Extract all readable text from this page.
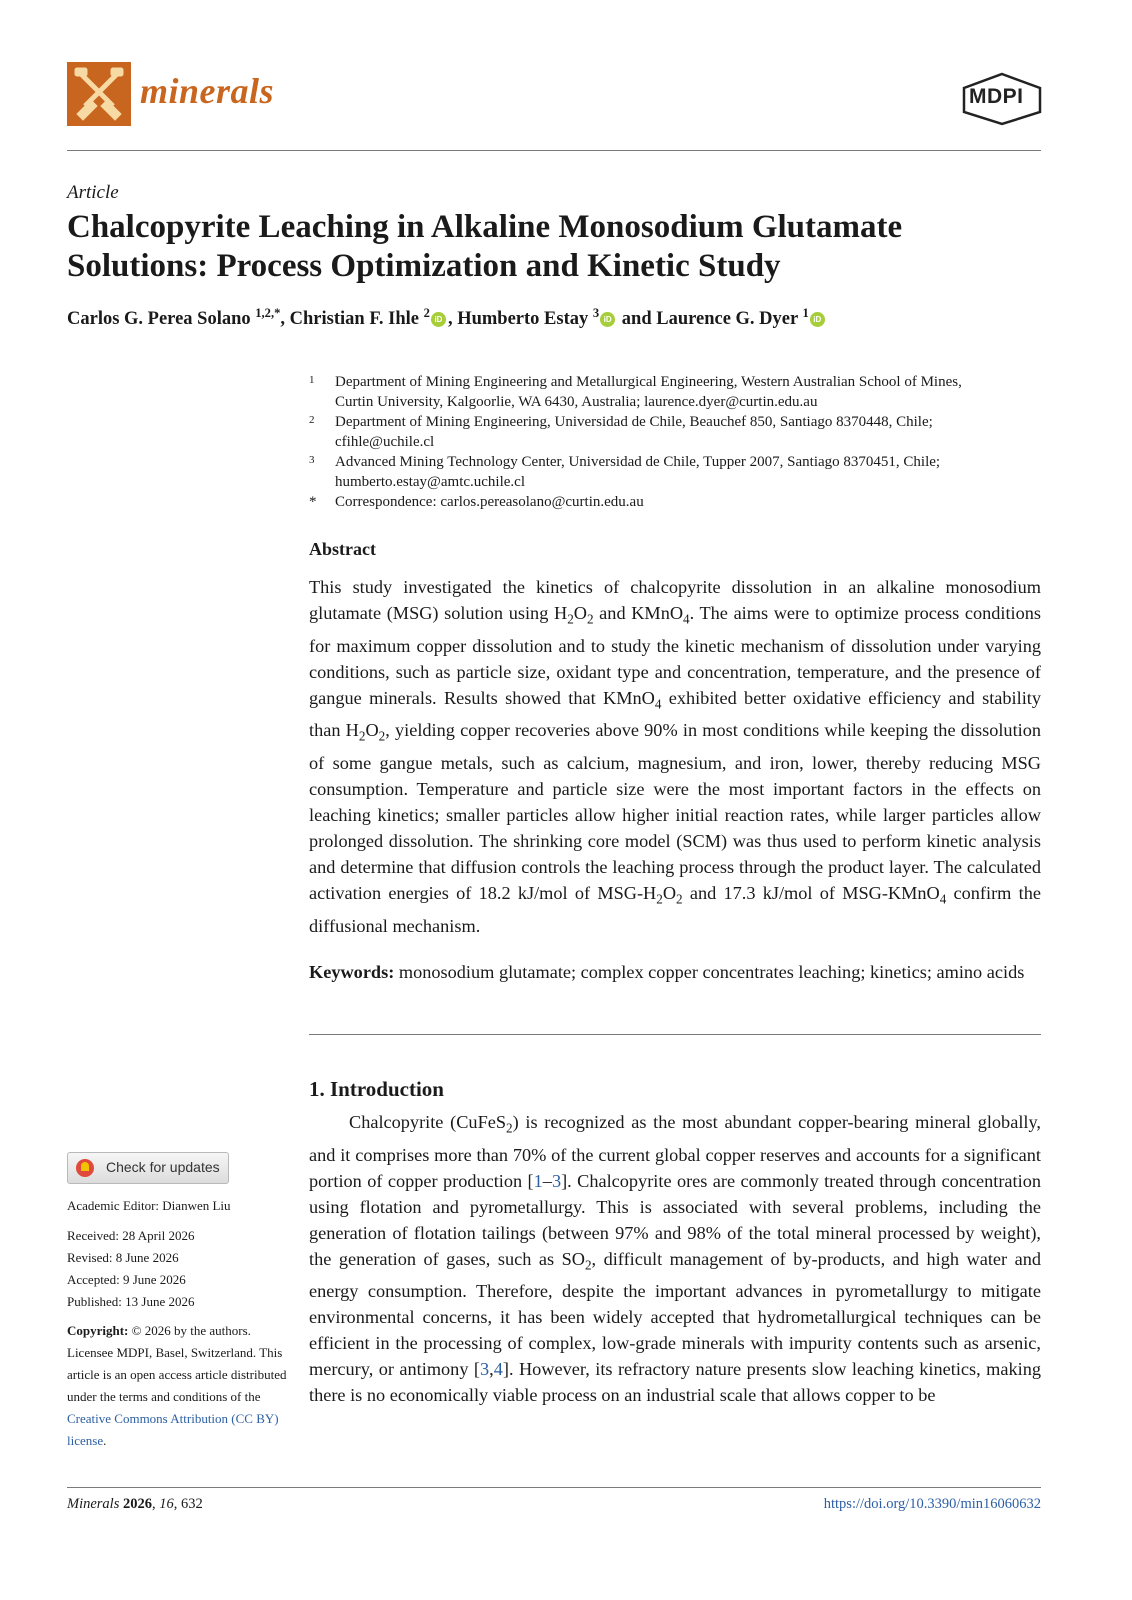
minerals	MDPI
Article
Chalcopyrite Leaching in Alkaline Monosodium Glutamate
Solutions: Process Optimization and Kinetic Study
Carlos G. Perea Solano $^{1,2,*}$, Christian F. Ihle $^2$ iD , Humberto Estay $^3$ iD and Laurence G. Dyer $^1$ iD
1 Department of Mining Engineering and Metallurgical Engineering, Western Australian School of Mines,
Curtin University, Kalgoorlie, WA 6430, Australia; laurence.dyer@curtin.edu.au
2 Department of Mining Engineering, Universidad de Chile, Beauchef 850, Santiago 8370448, Chile;
cfihle@uchile.cl
3 Advanced Mining Technology Center, Universidad de Chile, Tupper 2007, Santiago 8370451, Chile;
humberto.estay@amtc.uchile.cl
* Correspondence: carlos.pereasolano@curtin.edu.au
Abstract
This study investigated the kinetics of chalcopyrite dissolution in an alkaline monosodium glutamate (MSG) solution using $H_2O_2$ and KMnO$_4$. The aims were to optimize process conditions for maximum copper dissolution and to study the kinetic mechanism of dissolution under varying conditions, such as particle size, oxidant type and concentration, temperature, and the presence of gangue minerals. Results showed that KMnO$_4$ exhibited better oxidative efficiency and stability than $H_2O_2$, yielding copper recoveries above 90% in most conditions while keeping the dissolution of some gangue metals, such as calcium, magnesium, and iron, lower, thereby reducing MSG consumption. Temperature and particle size were the most important factors in the effects on leaching kinetics; smaller particles allow higher initial reaction rates, while larger particles allow prolonged dissolution. The shrinking core model (SCM) was thus used to perform kinetic analysis and determine that diffusion controls the leaching process through the product layer. The calculated activation energies of 18.2 kJ/mol of MSG-$H_2O_2$ and 17.3 kJ/mol of MSG-KMnO$_4$ confirm the diffusional mechanism.
Keywords: monosodium glutamate; complex copper concentrates leaching; kinetics; amino acids
1. Introduction
Chalcopyrite (CuFeS$_2$) is recognized as the most abundant copper-bearing mineral globally, and it comprises more than 70% of the current global copper reserves and accounts for a significant portion of copper production [1–3]. Chalcopyrite ores are commonly treated through concentration using flotation and pyrometallurgy. This is associated with several problems, including the generation of flotation tailings (between 97% and 98% of the total mineral processed by weight), the generation of gases, such as $SO_2$, difficult management of by-products, and high water and energy consumption. Therefore, despite the important advances in pyrometallurgy to mitigate environmental concerns, it has been widely accepted that hydrometallurgical techniques can be efficient in the processing of complex, low-grade minerals with impurity contents such as arsenic, mercury, or antimony [3,4]. However, its refractory nature presents slow leaching kinetics, making there is no economically viable process on an industrial scale that allows copper to be
Check for updates
Academic Editor: Dianwen Liu
Received: 28 April 2026
Revised: 8 June 2026
Accepted: 9 June 2026
Published: 13 June 2026
Copyright: © 2026 by the authors. Licensee MDPI, Basel, Switzerland. This article is an open access article distributed under the terms and conditions of the Creative Commons Attribution (CC BY) license.
Minerals 2026, 16, 632	https://doi.org/10.3390/min16060632
